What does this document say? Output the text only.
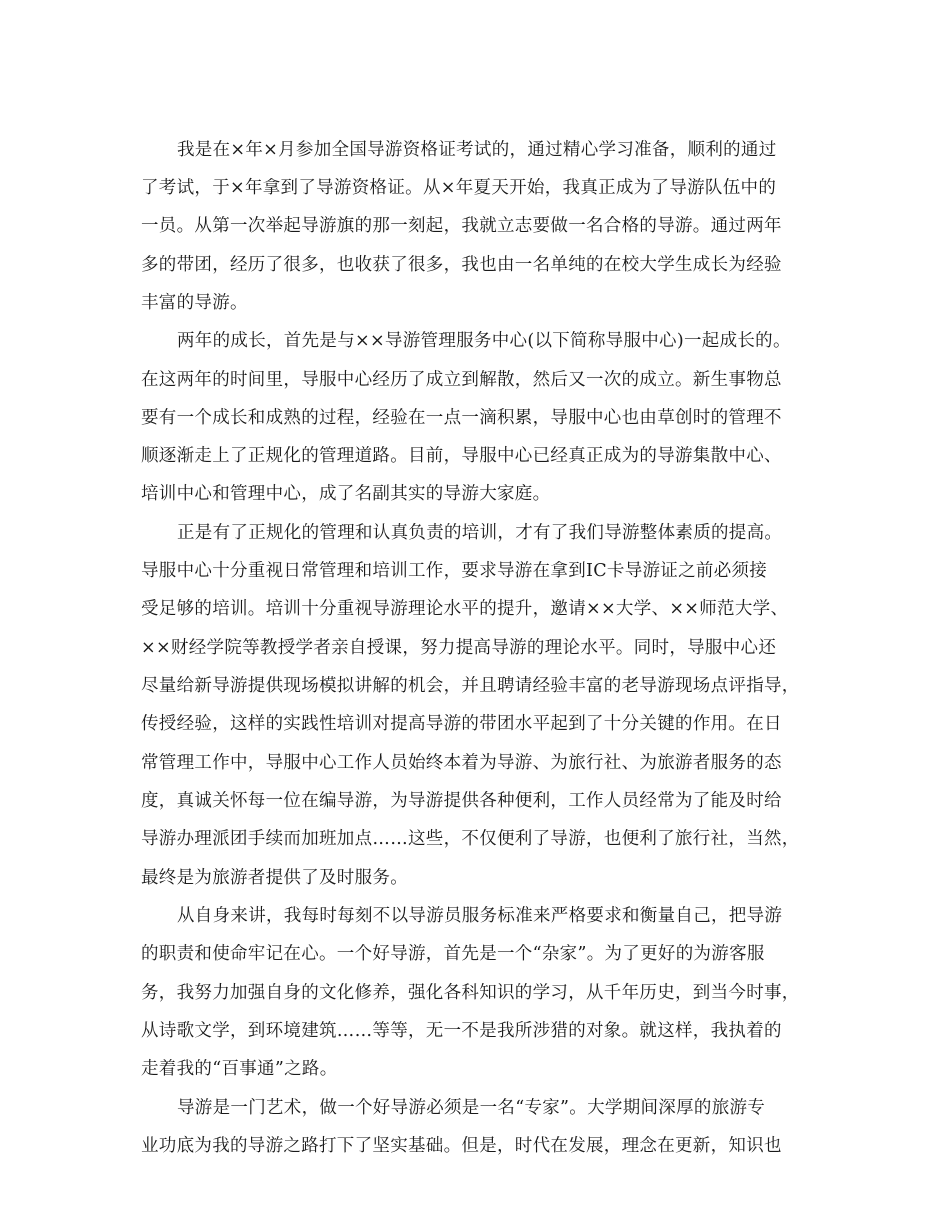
我是在×年×月参加全国导游资格证考试的，通过精心学习准备，顺利的通过
了考试，于×年拿到了导游资格证。从×年夏天开始，我真正成为了导游队伍中的
一员。从第一次举起导游旗的那一刻起，我就立志要做一名合格的导游。通过两年
多的带团，经历了很多，也收获了很多，我也由一名单纯的在校大学生成长为经验
丰富的导游。
两年的成长，首先是与××导游管理服务中心(以下简称导服中心)一起成长的。
在这两年的时间里，导服中心经历了成立到解散，然后又一次的成立。新生事物总
要有一个成长和成熟的过程，经验在一点一滴积累，导服中心也由草创时的管理不
顺逐渐走上了正规化的管理道路。目前，导服中心已经真正成为的导游集散中心、
培训中心和管理中心，成了名副其实的导游大家庭。
正是有了正规化的管理和认真负责的培训，才有了我们导游整体素质的提高。
导服中心十分重视日常管理和培训工作，要求导游在拿到IC卡导游证之前必须接
受足够的培训。培训十分重视导游理论水平的提升，邀请××大学、××师范大学、
××财经学院等教授学者亲自授课，努力提高导游的理论水平。同时，导服中心还
尽量给新导游提供现场模拟讲解的机会，并且聘请经验丰富的老导游现场点评指导，
传授经验，这样的实践性培训对提高导游的带团水平起到了十分关键的作用。在日
常管理工作中，导服中心工作人员始终本着为导游、为旅行社、为旅游者服务的态
度，真诚关怀每一位在编导游，为导游提供各种便利，工作人员经常为了能及时给
导游办理派团手续而加班加点……这些，不仅便利了导游，也便利了旅行社，当然，
最终是为旅游者提供了及时服务。
从自身来讲，我每时每刻不以导游员服务标准来严格要求和衡量自己，把导游
的职责和使命牢记在心。一个好导游，首先是一个“杂家”。为了更好的为游客服
务，我努力加强自身的文化修养，强化各科知识的学习，从千年历史，到当今时事，
从诗歌文学，到环境建筑……等等，无一不是我所涉猎的对象。就这样，我执着的
走着我的“百事通”之路。
导游是一门艺术，做一个好导游必须是一名“专家”。大学期间深厚的旅游专
业功底为我的导游之路打下了坚实基础。但是，时代在发展，理念在更新，知识也
